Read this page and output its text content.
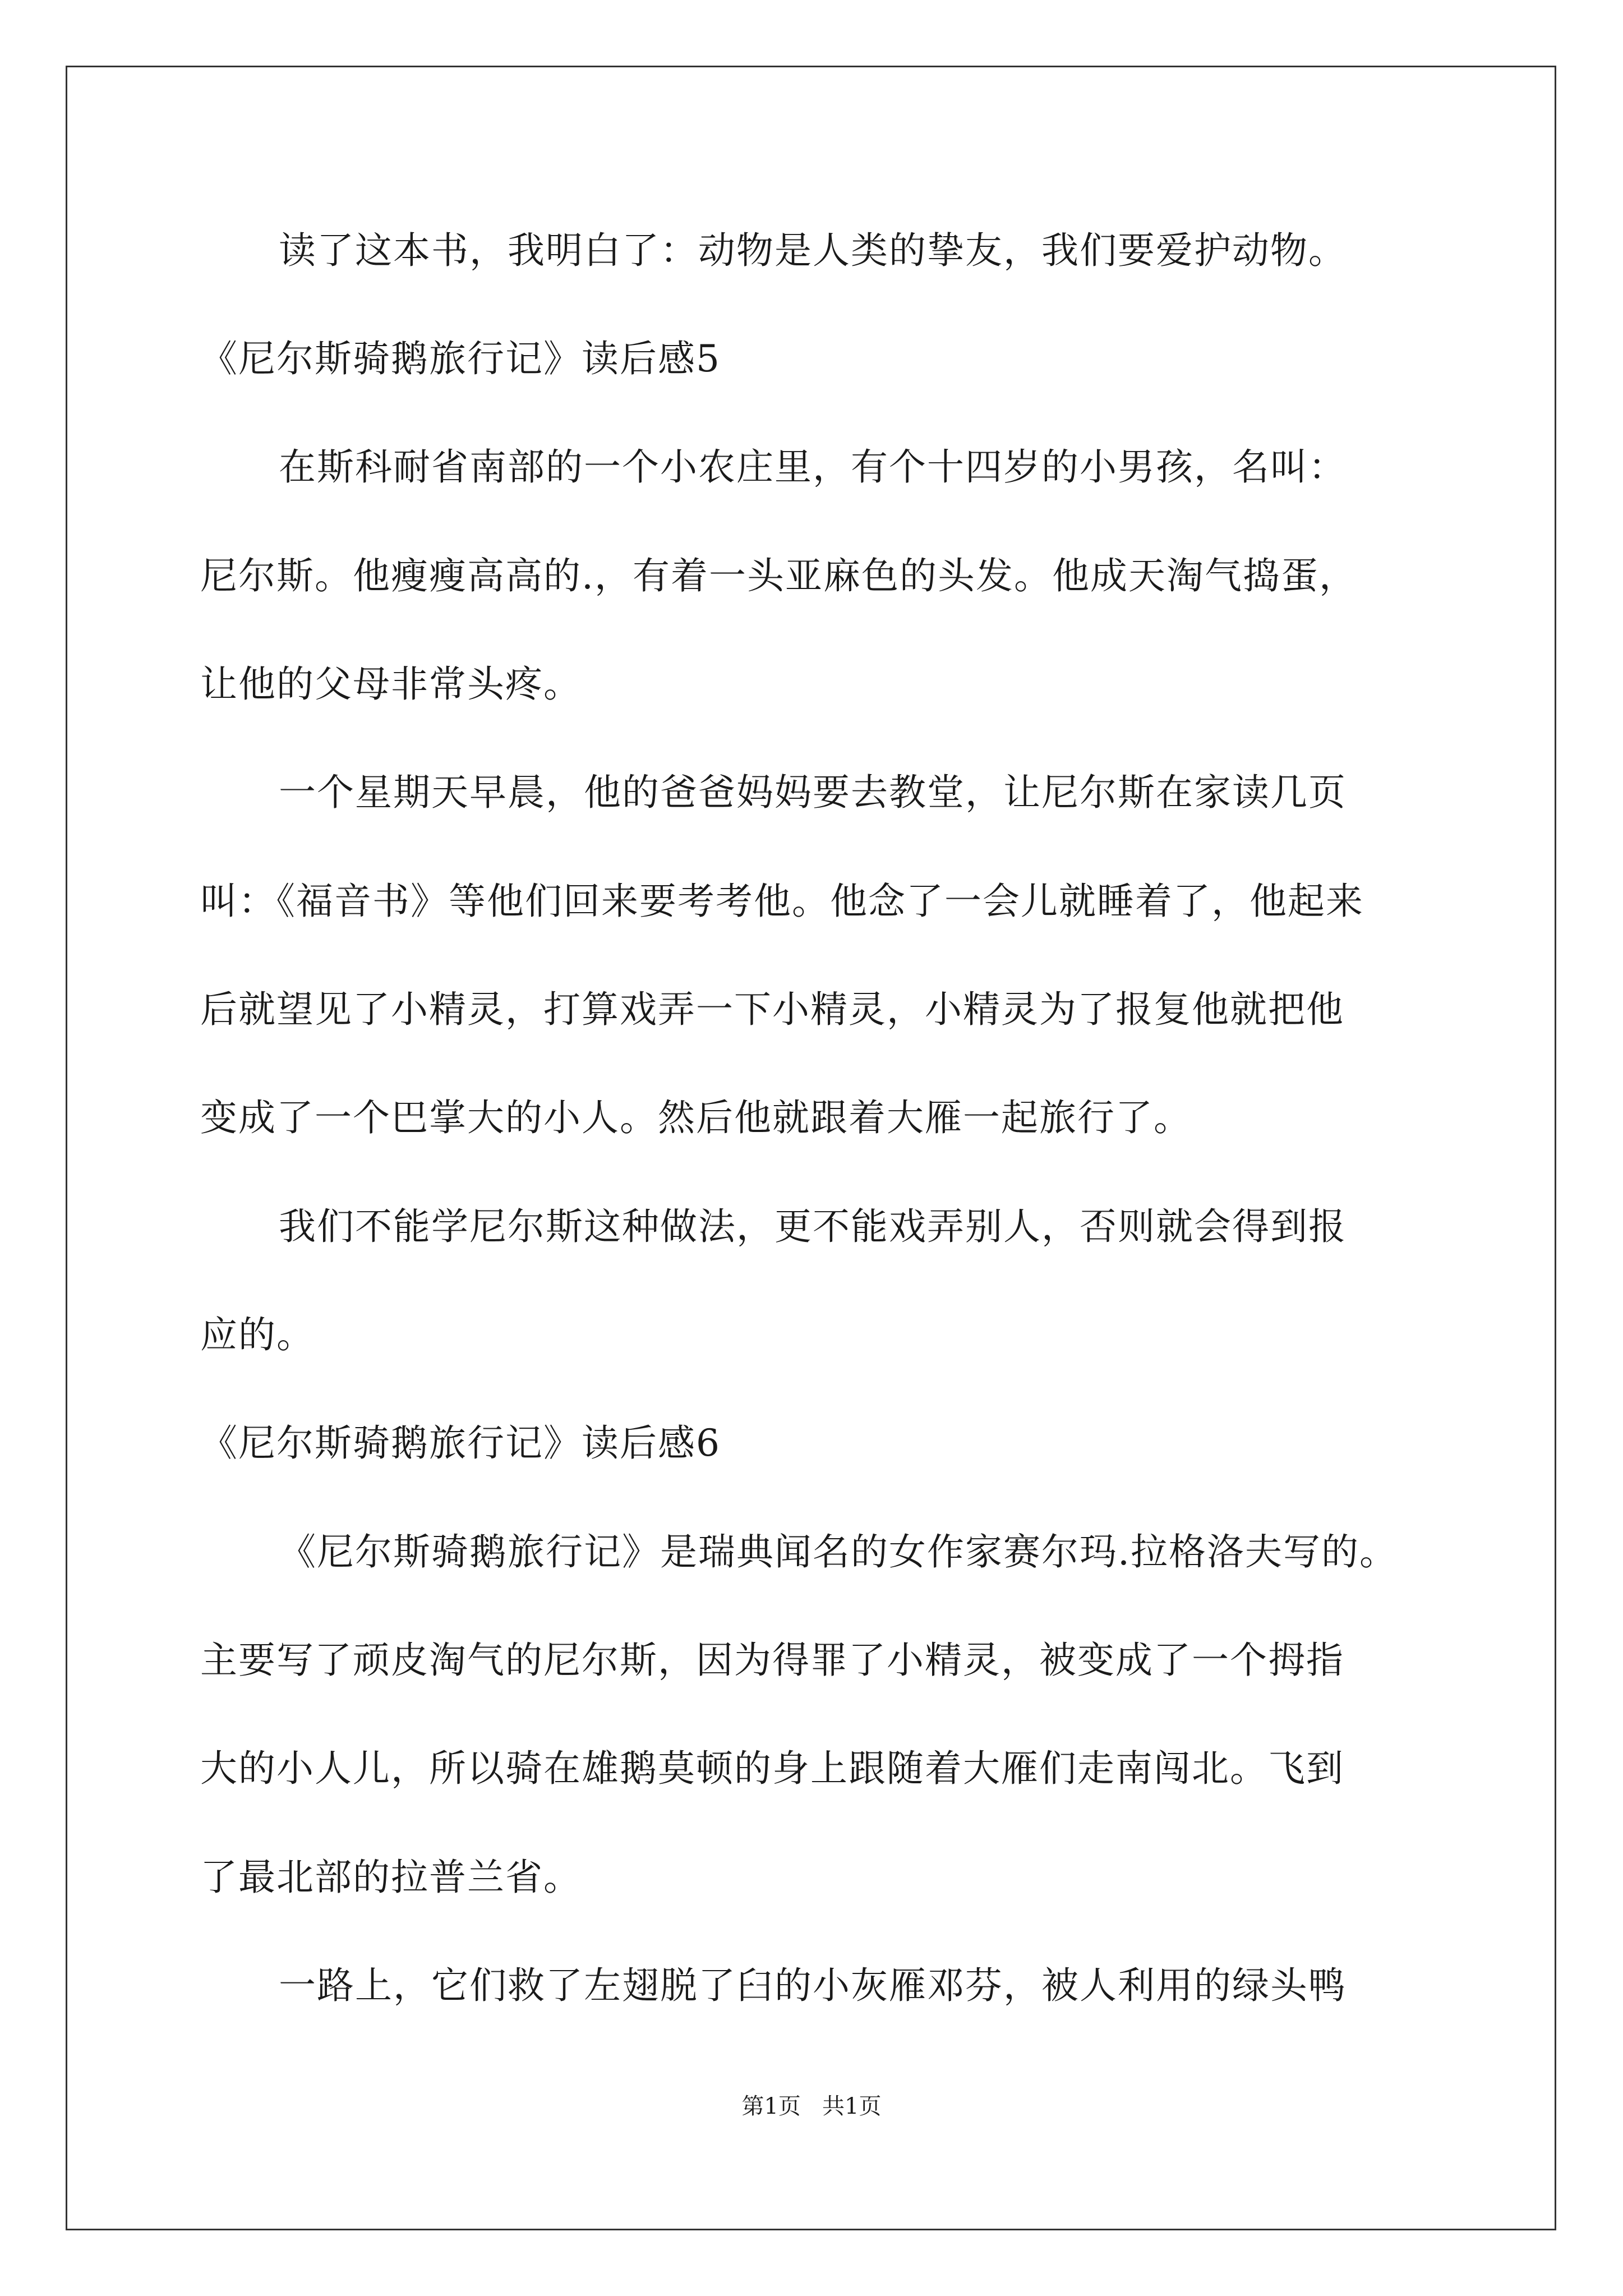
读了这本书，我明白了：动物是人类的挚友，我们要爱护动物。
《尼尔斯骑鹅旅行记》读后感5
在斯科耐省南部的一个小农庄里，有个十四岁的小男孩，名叫：
尼尔斯。他瘦瘦高高的.，有着一头亚麻色的头发。他成天淘气捣蛋，
让他的父母非常头疼。
一个星期天早晨，他的爸爸妈妈要去教堂，让尼尔斯在家读几页
叫：《福音书》等他们回来要考考他。他念了一会儿就睡着了，他起来
后就望见了小精灵，打算戏弄一下小精灵，小精灵为了报复他就把他
变成了一个巴掌大的小人。然后他就跟着大雁一起旅行了。
我们不能学尼尔斯这种做法，更不能戏弄别人，否则就会得到报
应的。
《尼尔斯骑鹅旅行记》读后感6
《尼尔斯骑鹅旅行记》是瑞典闻名的女作家赛尔玛.拉格洛夫写的。
主要写了顽皮淘气的尼尔斯，因为得罪了小精灵，被变成了一个拇指
大的小人儿，所以骑在雄鹅莫顿的身上跟随着大雁们走南闯北。飞到
了最北部的拉普兰省。
一路上，它们救了左翅脱了臼的小灰雁邓芬，被人利用的绿头鸭
第1页   共1页
